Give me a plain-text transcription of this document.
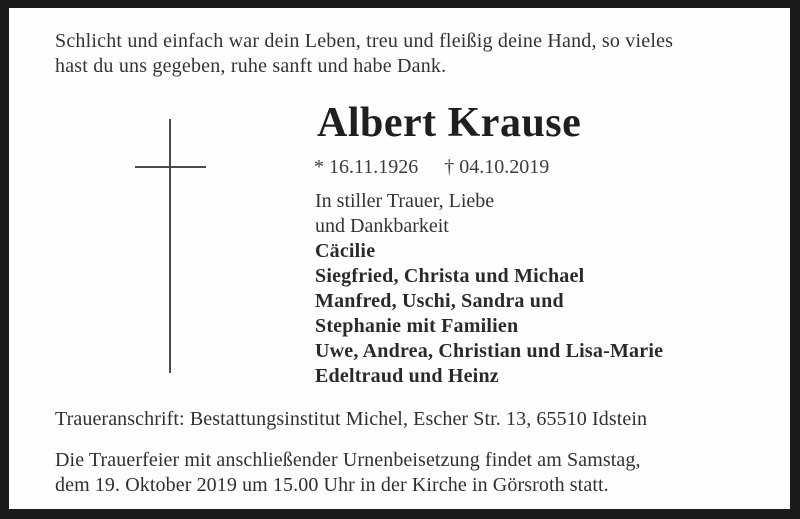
Schlicht und einfach war dein Leben, treu und fleißig deine Hand, so vieles
hast du uns gegeben, ruhe sanft und habe Dank.
Albert Krause
* 16.11.1926 † 04.10.2019
In stiller Trauer, Liebe
und Dankbarkeit
Cäcilie
Siegfried, Christa und Michael
Manfred, Uschi, Sandra und
Stephanie mit Familien
Uwe, Andrea, Christian und Lisa-Marie
Edeltraud und Heinz
Traueranschrift: Bestattungsinstitut Michel, Escher Str. 13, 65510 Idstein
Die Trauerfeier mit anschließender Urnenbeisetzung findet am Samstag,
dem 19. Oktober 2019 um 15.00 Uhr in der Kirche in Görsroth statt.
